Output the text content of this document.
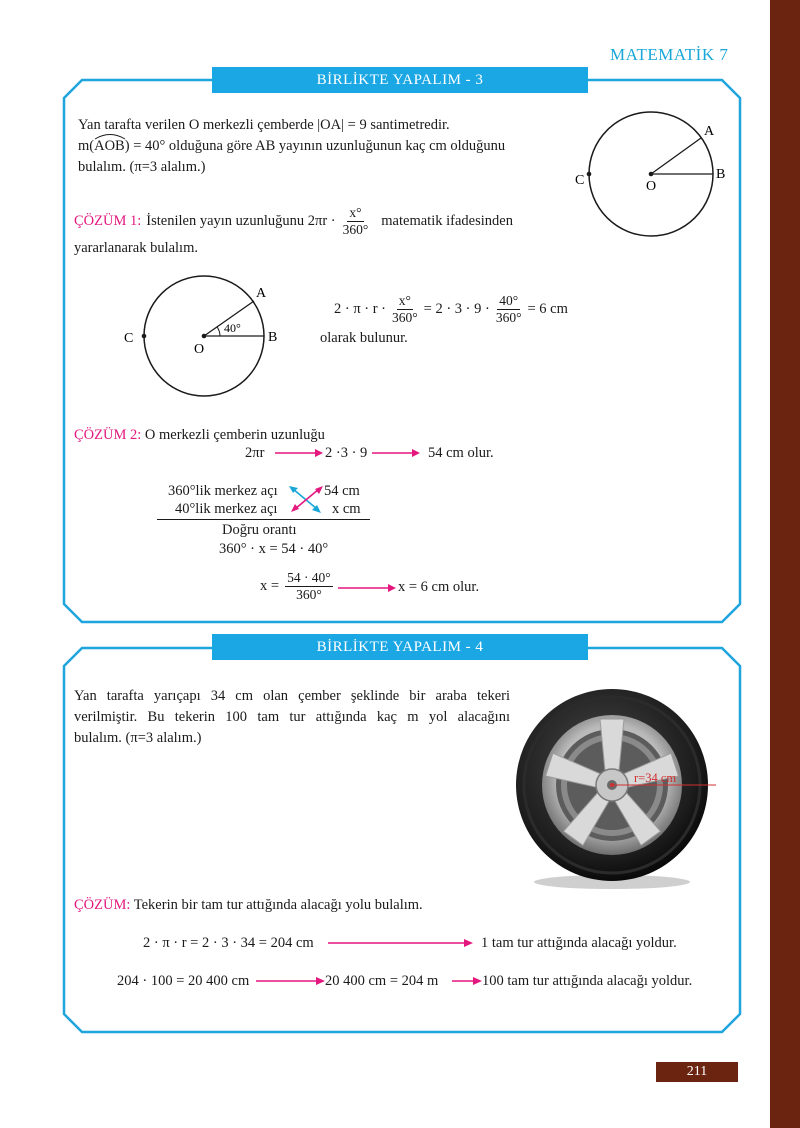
MATEMATİK 7
BİRLİKTE YAPALIM - 3
Yan tarafta verilen O merkezli çemberde |OA| = 9 santimetredir.
m(AOB
) = 40° olduğuna göre AB yayının uzunluğunun kaç cm olduğunu
bulalım. (π=3 alalım.)
A
B
C	O
ÇÖZÜM 1: İstenilen yayın uzunluğunu $2\pi r \cdot \frac{x^\circ}{360^\circ}$ matematik ifadesinden
yararlanarak bulalım.
40°
A
B
C
O
$2 \cdot \pi \cdot r \cdot \frac{x^\circ}{360^\circ} = 2 \cdot 3 \cdot 9 \cdot \frac{40^\circ}{360^\circ} = 6$ cm
olarak bulunur.
ÇÖZÜM 2: O merkezli çemberin uzunluğu
2πr	2 ·3 · 9	54 cm olur.
360°lik merkez açı	54 cm
40°lik merkez açı	x cm
Doğru orantı
360° · x = 54 · 40°
$x = \frac{54 \cdot 40^\circ}{360^\circ}$	x = 6 cm olur.
BİRLİKTE YAPALIM - 4
Yan tarafta yarıçapı 34 cm olan çember şeklinde bir araba tekeri
verilmiştir. Bu tekerin 100 tam tur attığında kaç m yol alacağını
bulalım. (π=3 alalım.)
r=34 cm
ÇÖZÜM: Tekerin bir tam tur attığında alacağı yolu bulalım.
2 · π · r = 2 · 3 · 34 = 204 cm	1 tam tur attığında alacağı yoldur.
204 · 100 = 20 400 cm	20 400 cm = 204 m	100 tam tur attığında alacağı yoldur.
211
